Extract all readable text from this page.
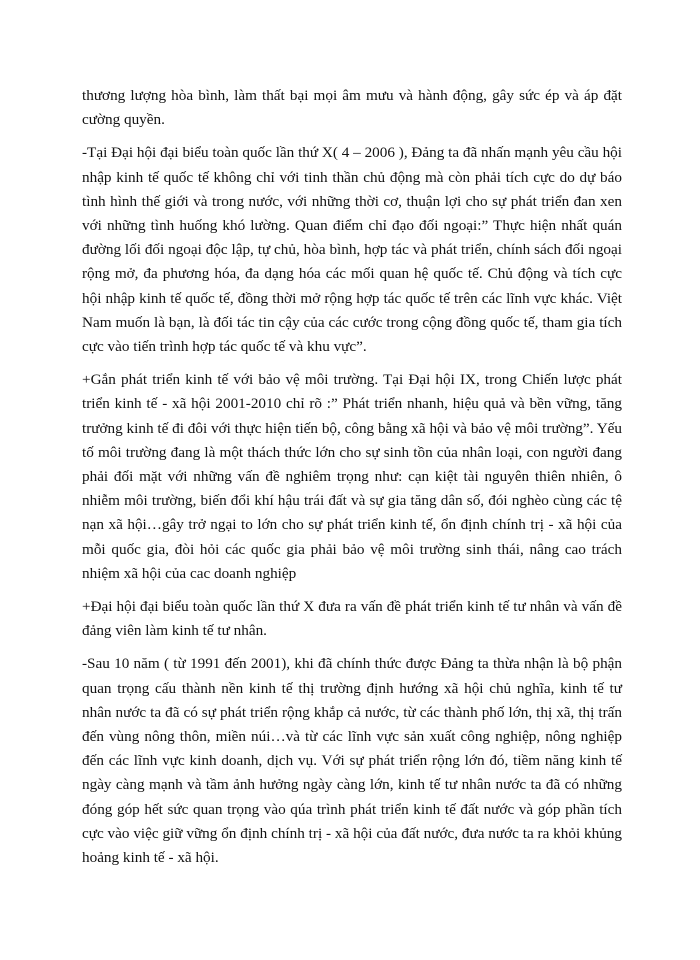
thương lượng hòa bình, làm thất bại mọi âm mưu và hành động, gây sức ép và áp đặt cường quyền.

-Tại Đại hội đại biểu toàn quốc lần thứ X( 4 – 2006 ), Đảng ta đã nhấn mạnh yêu cầu hội nhập kinh tế quốc tế không chỉ với tinh thần chủ động mà còn phải tích cực do dự báo tình hình thế giới và trong nước, với những thời cơ, thuận lợi cho sự phát triển đan xen với những tình huống khó lường. Quan điểm chỉ đạo đối ngoại:” Thực hiện nhất quán đường lối đối ngoại độc lập, tự chủ, hòa bình, hợp tác và phát triển, chính sách đối ngoại rộng mở, đa phương hóa, đa dạng hóa các mối quan hệ quốc tế. Chủ động và tích cực hội nhập kinh tế quốc tế, đồng thời mở rộng hợp tác quốc tế trên các lĩnh vực khác. Việt Nam muốn là bạn, là đối tác tin cậy của các cước trong cộng đồng quốc tế, tham gia tích cực vào tiến trình hợp tác quốc tế và khu vực”.

+Gắn phát triển kinh tế với bảo vệ môi trường. Tại Đại hội IX, trong Chiến lược phát triển kinh tế - xã hội 2001-2010 chỉ rõ :” Phát triển nhanh, hiệu quả và bền vững, tăng trưởng kinh tế đi đôi với thực hiện tiến bộ, công bằng xã hội và bảo vệ môi trường”. Yếu tố môi trường đang là một thách thức lớn cho sự sinh tồn của nhân loại, con người đang phải đối mặt với những vấn đề nghiêm trọng như: cạn kiệt tài nguyên thiên nhiên, ô nhiễm môi trường, biến đổi khí hậu trái đất và sự gia tăng dân số, đói nghèo cùng các tệ nạn xã hội…gây trở ngại to lớn cho sự phát triển kinh tế, ổn định chính trị - xã hội của mỗi quốc gia, đòi hỏi các quốc gia phải bảo vệ môi trường sinh thái, nâng cao trách nhiệm xã hội của cac doanh nghiệp

+Đại hội đại biểu toàn quốc lần thứ X đưa ra vấn đề phát triển kinh tế tư nhân và vấn đề đảng viên làm kinh tế tư nhân.

-Sau 10 năm ( từ 1991 đến 2001), khi đã chính thức được Đảng ta thừa nhận là bộ phận quan trọng cấu thành nền kinh tế thị trường định hướng xã hội chủ nghĩa, kinh tế tư nhân nước ta đã có sự phát triển rộng khắp cả nước, từ các thành phố lớn, thị xã, thị trấn đến vùng nông thôn, miền núi…và từ các lĩnh vực sản xuất công nghiệp, nông nghiệp đến các lĩnh vực kinh doanh, dịch vụ. Với sự phát triển rộng lớn đó, tiềm năng kinh tế ngày càng mạnh và tầm ảnh hưởng ngày càng lớn, kinh tế tư nhân nước ta đã có những đóng góp hết sức quan trọng vào qúa trình phát triển kinh tế đất nước và góp phần tích cực vào việc giữ vững ổn định chính trị - xã hội của đất nước, đưa nước ta ra khỏi khủng hoảng kinh tế - xã hội.
